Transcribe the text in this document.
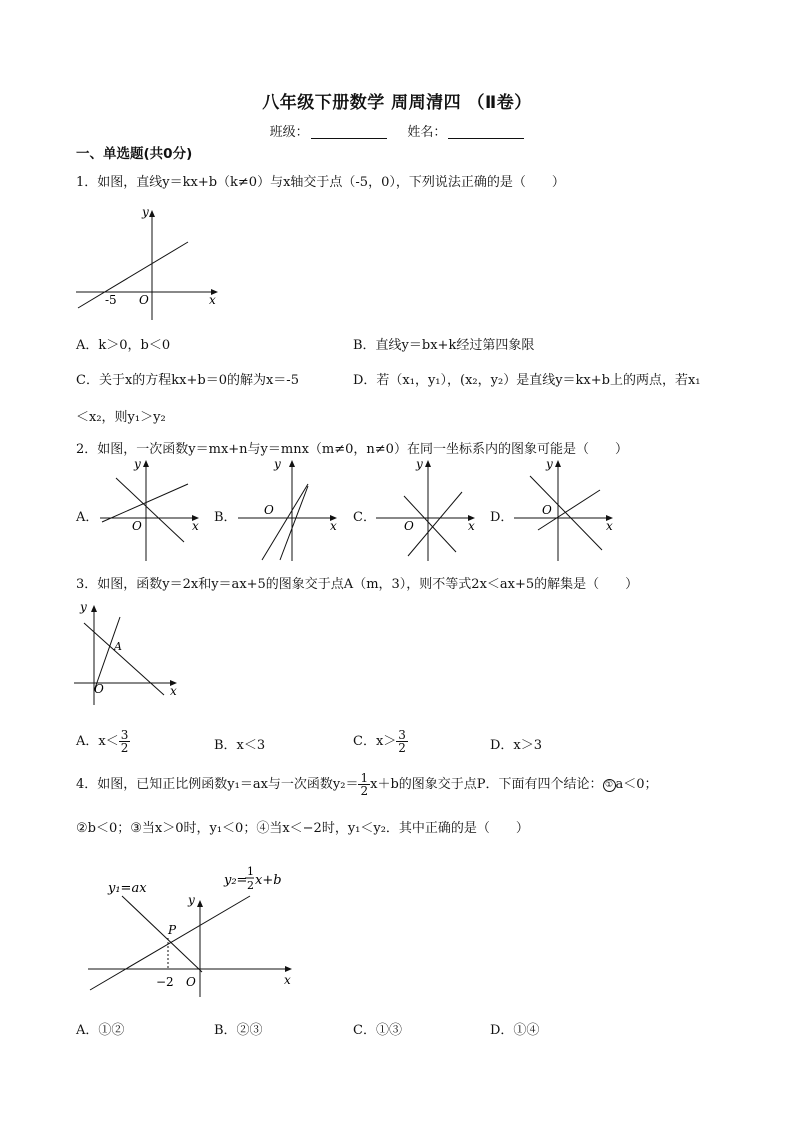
八年级下册数学 周周清四 （Ⅱ卷）
班级：	姓名：
一、单选题(共0分)
1．如图，直线y＝kx+b（k≠0）与x轴交于点（-5，0），下列说法正确的是（　　）
y
x
O
-5
A．k＞0，b＜0	B．直线y＝bx+k经过第四象限
C．关于x的方程kx+b＝0的解为x＝-5	D．若（x₁，y₁），(x₂，y₂）是直线y＝kx+b上的两点，若x₁
＜x₂，则y₁＞y₂
2．如图，一次函数y＝mx+n与y＝mnx（m≠0，n≠0）在同一坐标系内的图象可能是（　　）
A．
y
x
O
B．
y
x
O	C．
y
x
O
D．
y
x
O
3．如图，函数y＝2x和y＝ax+5的图象交于点A（m，3），则不等式2x＜ax+5的解集是（　　）
y
x
O
A
A．$x< \frac{3}{2}$	B．x＜3	C．$x> \frac{3}{2}$	D．x＞3
4．如图，已知正比例函数y₁＝ax与一次函数$y_2= \frac{1}{2} x+b$的图象交于点P．下面有四个结论： ① a＜0；
②b＜0；③当x＞0时，y₁＜0；④当x＜−2时，y₁＜y₂．其中正确的是（　　）
y₁=ax
y₂=
1
2 x+b
y
x
O
P
−2
A．①②	B．②③	C．①③	D．①④
